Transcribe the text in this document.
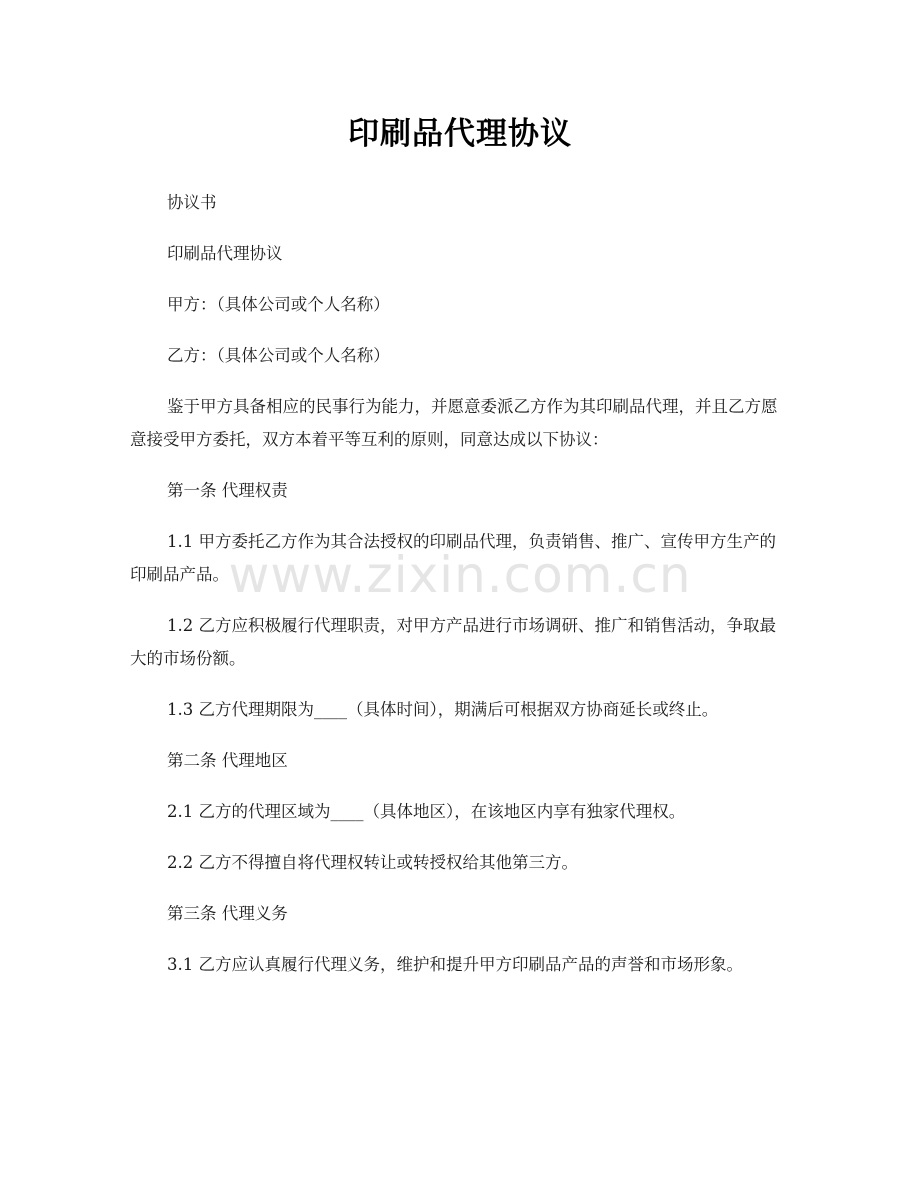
印刷品代理协议

协议书

印刷品代理协议

甲方：（具体公司或个人名称）

乙方：（具体公司或个人名称）

鉴于甲方具备相应的民事行为能力，并愿意委派乙方作为其印刷品代理，并且乙方愿意接受甲方委托，双方本着平等互利的原则，同意达成以下协议：

第一条 代理权责

1.1 甲方委托乙方作为其合法授权的印刷品代理，负责销售、推广、宣传甲方生产的印刷品产品。

1.2 乙方应积极履行代理职责，对甲方产品进行市场调研、推广和销售活动，争取最大的市场份额。

1.3 乙方代理期限为____（具体时间），期满后可根据双方协商延长或终止。

第二条 代理地区

2.1 乙方的代理区域为____（具体地区），在该地区内享有独家代理权。

2.2 乙方不得擅自将代理权转让或转授权给其他第三方。

第三条 代理义务

3.1 乙方应认真履行代理义务，维护和提升甲方印刷品产品的声誉和市场形象。

www.zixin.com.cn
